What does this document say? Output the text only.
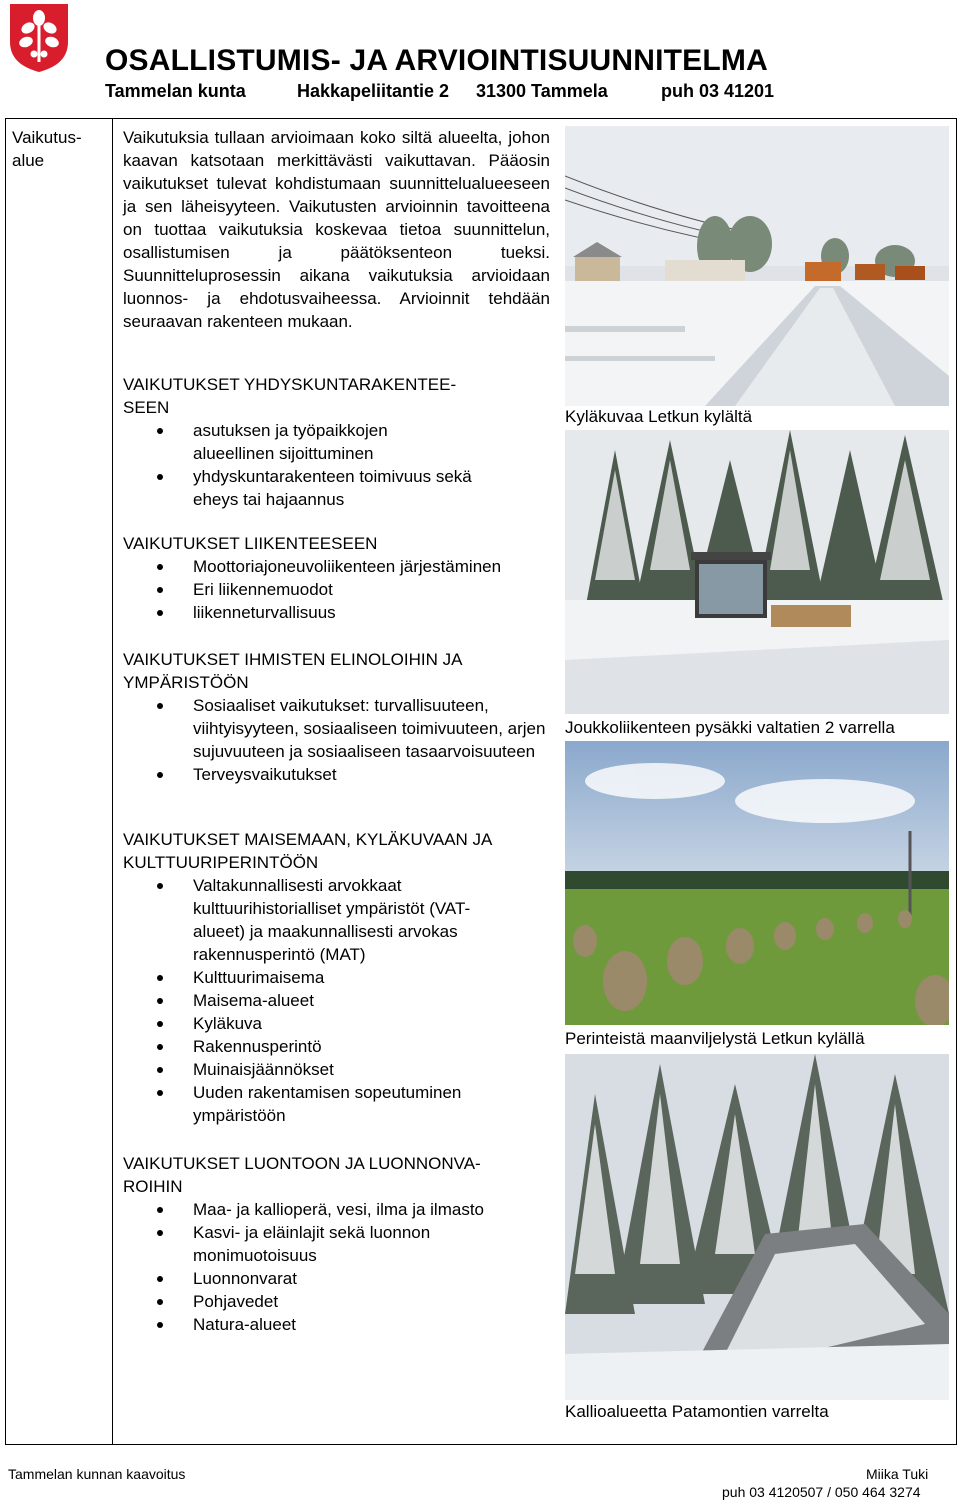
OSALLISTUMIS- JA ARVIOINTISUUNNITELMA
Tammelan kunta	Hakkapeliitantie 2 31300 Tammela	puh 03 41201
Vaikutus-
alue
Vaikutuksia tullaan arvioimaan koko siltä alueelta, johon kaavan katsotaan merkittävästi vaikuttavan. Pääosin vaikutukset tulevat kohdistumaan suunnittelualueeseen ja sen läheisyyteen. Vaikutusten arvioinnin tavoitteena on tuottaa vaikutuksia koskevaa tietoa suunnittelun, osallistumisen ja päätöksenteon tueksi. Suunnitteluprosessin aikana vaikutuksia arvioidaan luonnos- ja ehdotusvaiheessa. Arvioinnit tehdään seuraavan rakenteen mukaan.
VAIKUTUKSET YHDYSKUNTARAKENTEE-
SEEN
asutuksen ja työpaikkojen alueellinen sijoittuminen
yhdyskuntarakenteen toimivuus sekä eheys tai hajaannus
VAIKUTUKSET LIIKENTEESEEN
Moottoriajoneuvoliikenteen järjestäminen
Eri liikennemuodot
liikenneturvallisuus
VAIKUTUKSET IHMISTEN ELINOLOIHIN JA
YMPÄRISTÖÖN
Sosiaaliset vaikutukset: turvallisuuteen, viihtyisyyteen, sosiaaliseen toimivuuteen, arjen sujuvuuteen ja sosiaaliseen tasaarvoisuuteen
Terveysvaikutukset
VAIKUTUKSET MAISEMAAN, KYLÄKUVAAN JA
KULTTUURIPERINTÖÖN
Valtakunnallisesti arvokkaat kulttuurihistorialliset ympäristöt (VAT-alueet) ja maakunnallisesti arvokas rakennusperintö (MAT)
Kulttuurimaisema
Maisema-alueet
Kyläkuva
Rakennusperintö
Muinaisjäännökset
Uuden rakentamisen sopeutuminen ympäristöön
VAIKUTUKSET LUONTOON JA LUONNONVA-
ROIHIN
Maa- ja kallioperä, vesi, ilma ja ilmasto
Kasvi- ja eläinlajit sekä luonnon monimuotoisuus
Luonnonvarat
Pohjavedet
Natura-alueet
Kyläkuvaa Letkun kylältä
Joukkoliikenteen pysäkki valtatien 2 varrella
Perinteistä maanviljelystä Letkun kylällä
Kallioalueetta Patamontien varrelta
Tammelan kunnan kaavoitus	Miika Tuki
puh 03 4120507 / 050 464 3274
